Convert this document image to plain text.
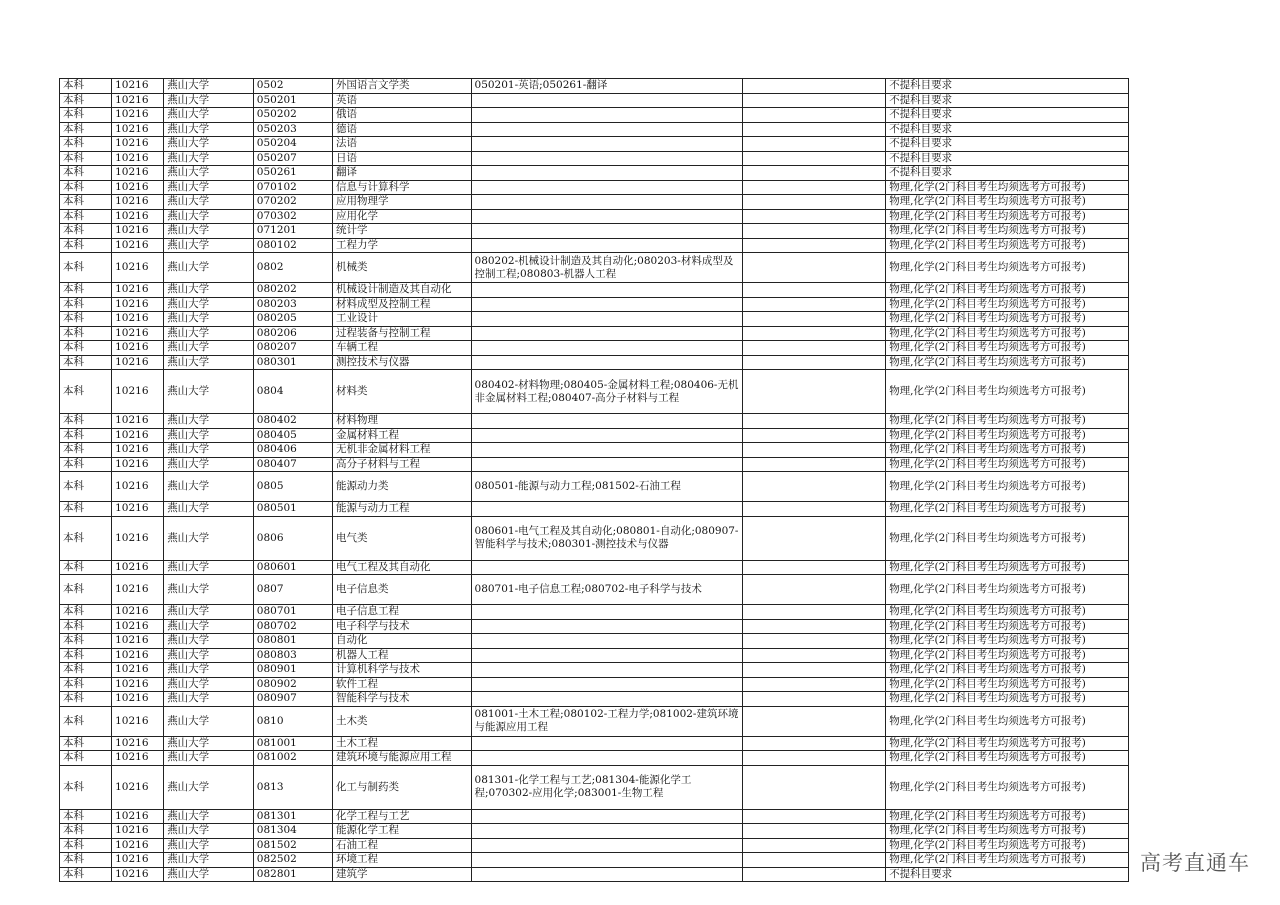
本科	10216	燕山大学	0502	外国语言文学类	050201-英语;050261-翻译		不提科目要求
本科	10216	燕山大学	050201	英语			不提科目要求
本科	10216	燕山大学	050202	俄语			不提科目要求
本科	10216	燕山大学	050203	德语			不提科目要求
本科	10216	燕山大学	050204	法语			不提科目要求
本科	10216	燕山大学	050207	日语			不提科目要求
本科	10216	燕山大学	050261	翻译			不提科目要求
本科	10216	燕山大学	070102	信息与计算科学			物理,化学(2门科目考生均须选考方可报考)
本科	10216	燕山大学	070202	应用物理学			物理,化学(2门科目考生均须选考方可报考)
本科	10216	燕山大学	070302	应用化学			物理,化学(2门科目考生均须选考方可报考)
本科	10216	燕山大学	071201	统计学			物理,化学(2门科目考生均须选考方可报考)
本科	10216	燕山大学	080102	工程力学			物理,化学(2门科目考生均须选考方可报考)
本科	10216	燕山大学	0802	机械类	080202-机械设计制造及其自动化;080203-材料成型及控制工程;080803-机器人工程		物理,化学(2门科目考生均须选考方可报考)
本科	10216	燕山大学	080202	机械设计制造及其自动化			物理,化学(2门科目考生均须选考方可报考)
本科	10216	燕山大学	080203	材料成型及控制工程			物理,化学(2门科目考生均须选考方可报考)
本科	10216	燕山大学	080205	工业设计			物理,化学(2门科目考生均须选考方可报考)
本科	10216	燕山大学	080206	过程装备与控制工程			物理,化学(2门科目考生均须选考方可报考)
本科	10216	燕山大学	080207	车辆工程			物理,化学(2门科目考生均须选考方可报考)
本科	10216	燕山大学	080301	测控技术与仪器			物理,化学(2门科目考生均须选考方可报考)
本科	10216	燕山大学	0804	材料类	080402-材料物理;080405-金属材料工程;080406-无机非金属材料工程;080407-高分子材料与工程		物理,化学(2门科目考生均须选考方可报考)
本科	10216	燕山大学	080402	材料物理			物理,化学(2门科目考生均须选考方可报考)
本科	10216	燕山大学	080405	金属材料工程			物理,化学(2门科目考生均须选考方可报考)
本科	10216	燕山大学	080406	无机非金属材料工程			物理,化学(2门科目考生均须选考方可报考)
本科	10216	燕山大学	080407	高分子材料与工程			物理,化学(2门科目考生均须选考方可报考)
本科	10216	燕山大学	0805	能源动力类	080501-能源与动力工程;081502-石油工程		物理,化学(2门科目考生均须选考方可报考)
本科	10216	燕山大学	080501	能源与动力工程			物理,化学(2门科目考生均须选考方可报考)
本科	10216	燕山大学	0806	电气类	080601-电气工程及其自动化;080801-自动化;080907-智能科学与技术;080301-测控技术与仪器		物理,化学(2门科目考生均须选考方可报考)
本科	10216	燕山大学	080601	电气工程及其自动化			物理,化学(2门科目考生均须选考方可报考)
本科	10216	燕山大学	0807	电子信息类	080701-电子信息工程;080702-电子科学与技术		物理,化学(2门科目考生均须选考方可报考)
本科	10216	燕山大学	080701	电子信息工程			物理,化学(2门科目考生均须选考方可报考)
本科	10216	燕山大学	080702	电子科学与技术			物理,化学(2门科目考生均须选考方可报考)
本科	10216	燕山大学	080801	自动化			物理,化学(2门科目考生均须选考方可报考)
本科	10216	燕山大学	080803	机器人工程			物理,化学(2门科目考生均须选考方可报考)
本科	10216	燕山大学	080901	计算机科学与技术			物理,化学(2门科目考生均须选考方可报考)
本科	10216	燕山大学	080902	软件工程			物理,化学(2门科目考生均须选考方可报考)
本科	10216	燕山大学	080907	智能科学与技术			物理,化学(2门科目考生均须选考方可报考)
本科	10216	燕山大学	0810	土木类	081001-土木工程;080102-工程力学;081002-建筑环境与能源应用工程		物理,化学(2门科目考生均须选考方可报考)
本科	10216	燕山大学	081001	土木工程			物理,化学(2门科目考生均须选考方可报考)
本科	10216	燕山大学	081002	建筑环境与能源应用工程			物理,化学(2门科目考生均须选考方可报考)
本科	10216	燕山大学	0813	化工与制药类	081301-化学工程与工艺;081304-能源化学工程;070302-应用化学;083001-生物工程		物理,化学(2门科目考生均须选考方可报考)
本科	10216	燕山大学	081301	化学工程与工艺			物理,化学(2门科目考生均须选考方可报考)
本科	10216	燕山大学	081304	能源化学工程			物理,化学(2门科目考生均须选考方可报考)
本科	10216	燕山大学	081502	石油工程			物理,化学(2门科目考生均须选考方可报考)
本科	10216	燕山大学	082502	环境工程			物理,化学(2门科目考生均须选考方可报考)
本科	10216	燕山大学	082801	建筑学			不提科目要求	高考直通车
